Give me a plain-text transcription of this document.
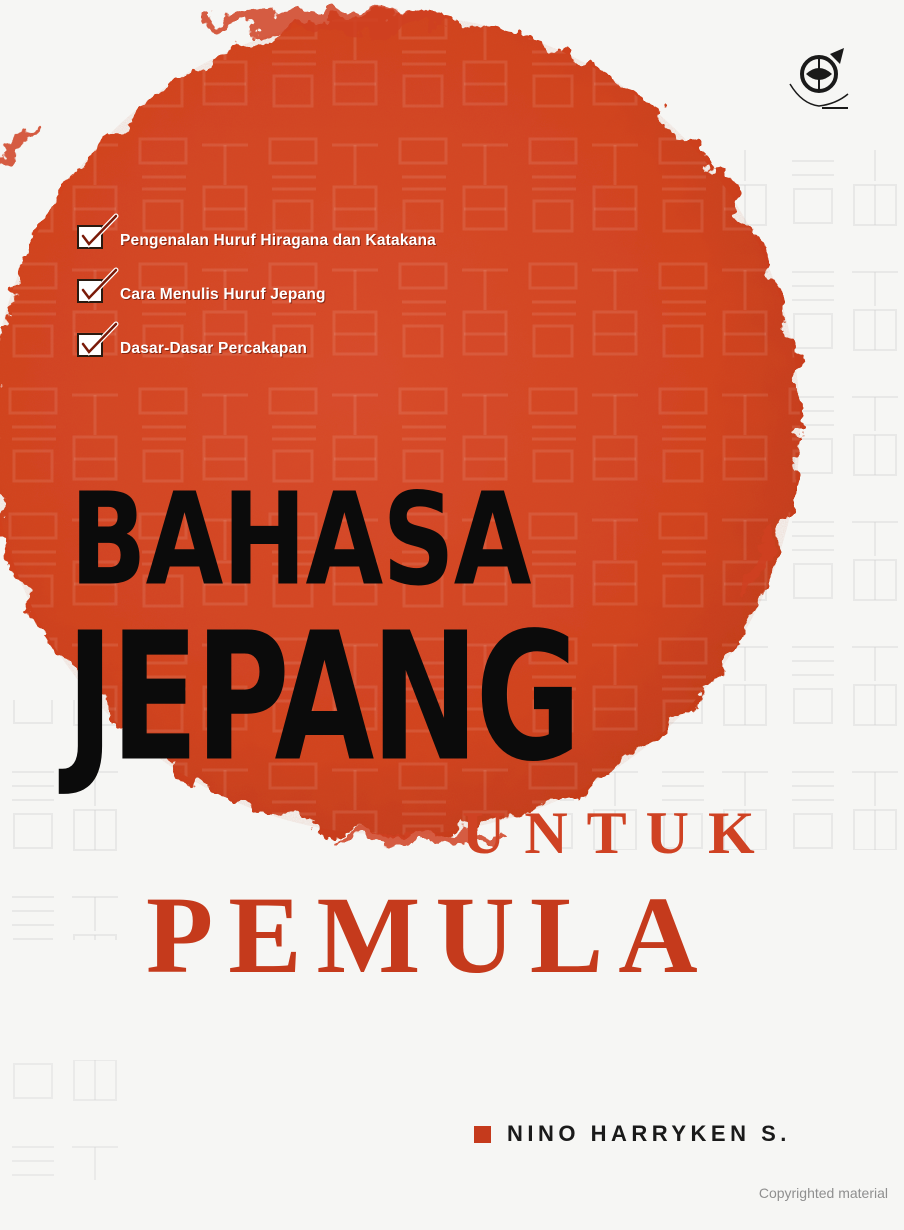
Pengenalan Huruf Hiragana dan Katakana
Cara Menulis Huruf Jepang
Dasar-Dasar Percakapan
BAHASA
JEPANG
UNTUK
PEMULA
NINO HARRYKEN S.
Copyrighted material
